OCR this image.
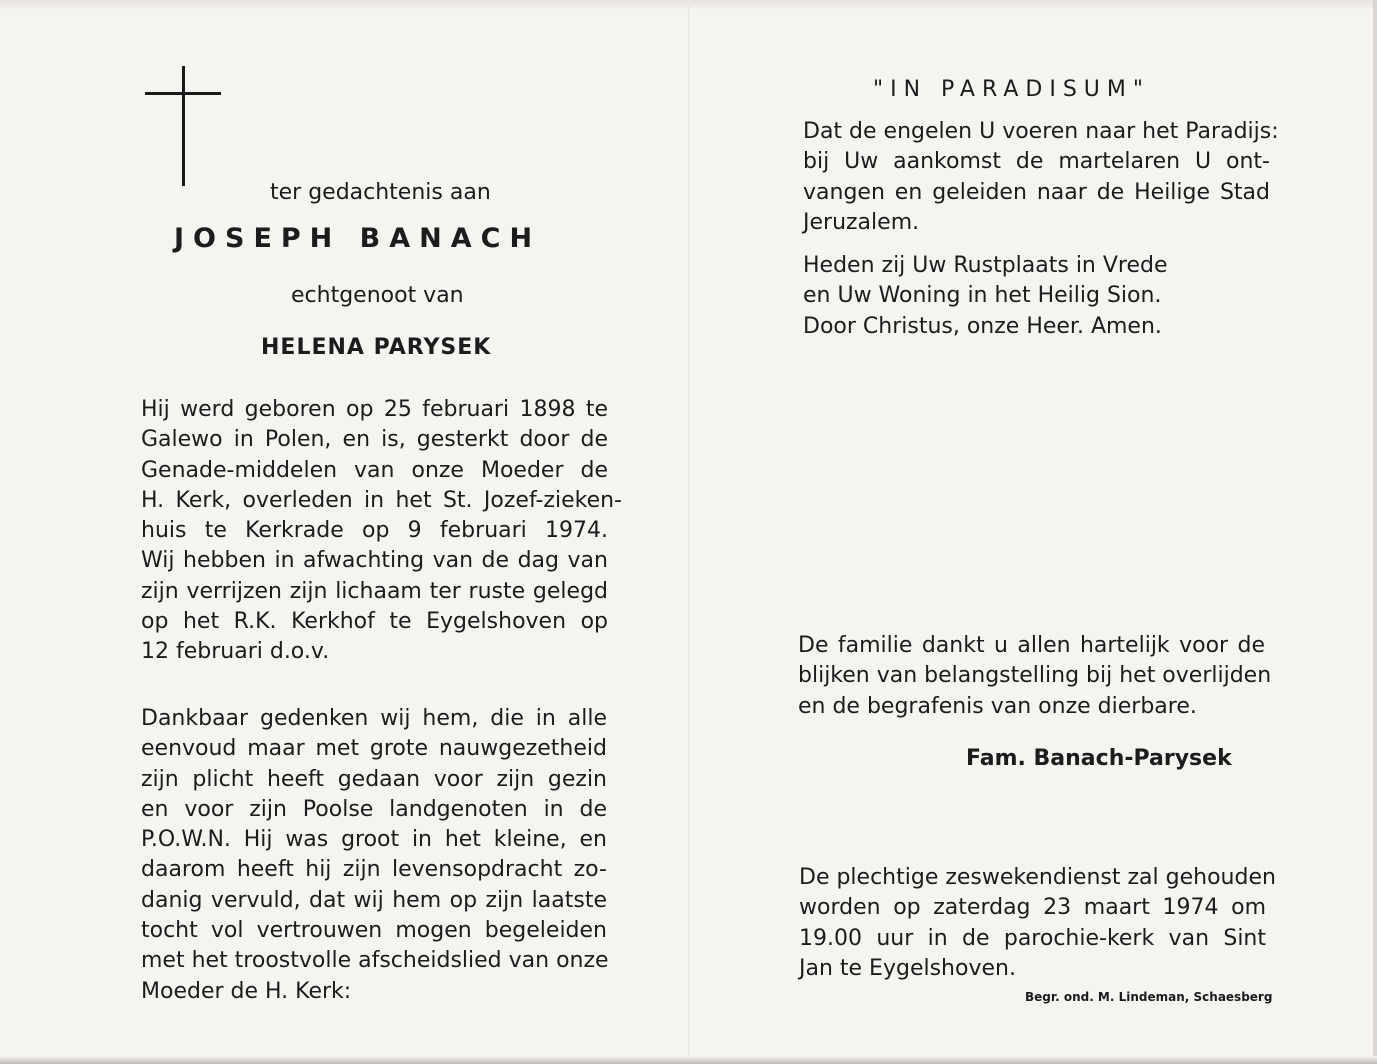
ter gedachtenis aan
JOSEPH BANACH
echtgenoot van
HELENA PARYSEK
Hij werd geboren op 25 februari 1898 te
Galewo in Polen, en is, gesterkt door de
Genade-middelen van onze Moeder de
H. Kerk, overleden in het St. Jozef-zieken-
huis te Kerkrade op 9 februari 1974.
Wij hebben in afwachting van de dag van
zijn verrijzen zijn lichaam ter ruste gelegd
op het R.K. Kerkhof te Eygelshoven op
12 februari d.o.v.
Dankbaar gedenken wij hem, die in alle
eenvoud maar met grote nauwgezetheid
zijn plicht heeft gedaan voor zijn gezin
en voor zijn Poolse landgenoten in de
P.O.W.N. Hij was groot in het kleine, en
daarom heeft hij zijn levensopdracht zo-
danig vervuld, dat wij hem op zijn laatste
tocht vol vertrouwen mogen begeleiden
met het troostvolle afscheidslied van onze
Moeder de H. Kerk:
"IN PARADISUM"
Dat de engelen U voeren naar het Paradijs:
bij Uw aankomst de martelaren U ont-
vangen en geleiden naar de Heilige Stad
Jeruzalem.
Heden zij Uw Rustplaats in Vrede
en Uw Woning in het Heilig Sion.
Door Christus, onze Heer. Amen.
De familie dankt u allen hartelijk voor de
blijken van belangstelling bij het overlijden
en de begrafenis van onze dierbare.
Fam. Banach-Parysek
De plechtige zeswekendienst zal gehouden
worden op zaterdag 23 maart 1974 om
19.00 uur in de parochie-kerk van Sint
Jan te Eygelshoven.
Begr. ond. M. Lindeman, Schaesberg
